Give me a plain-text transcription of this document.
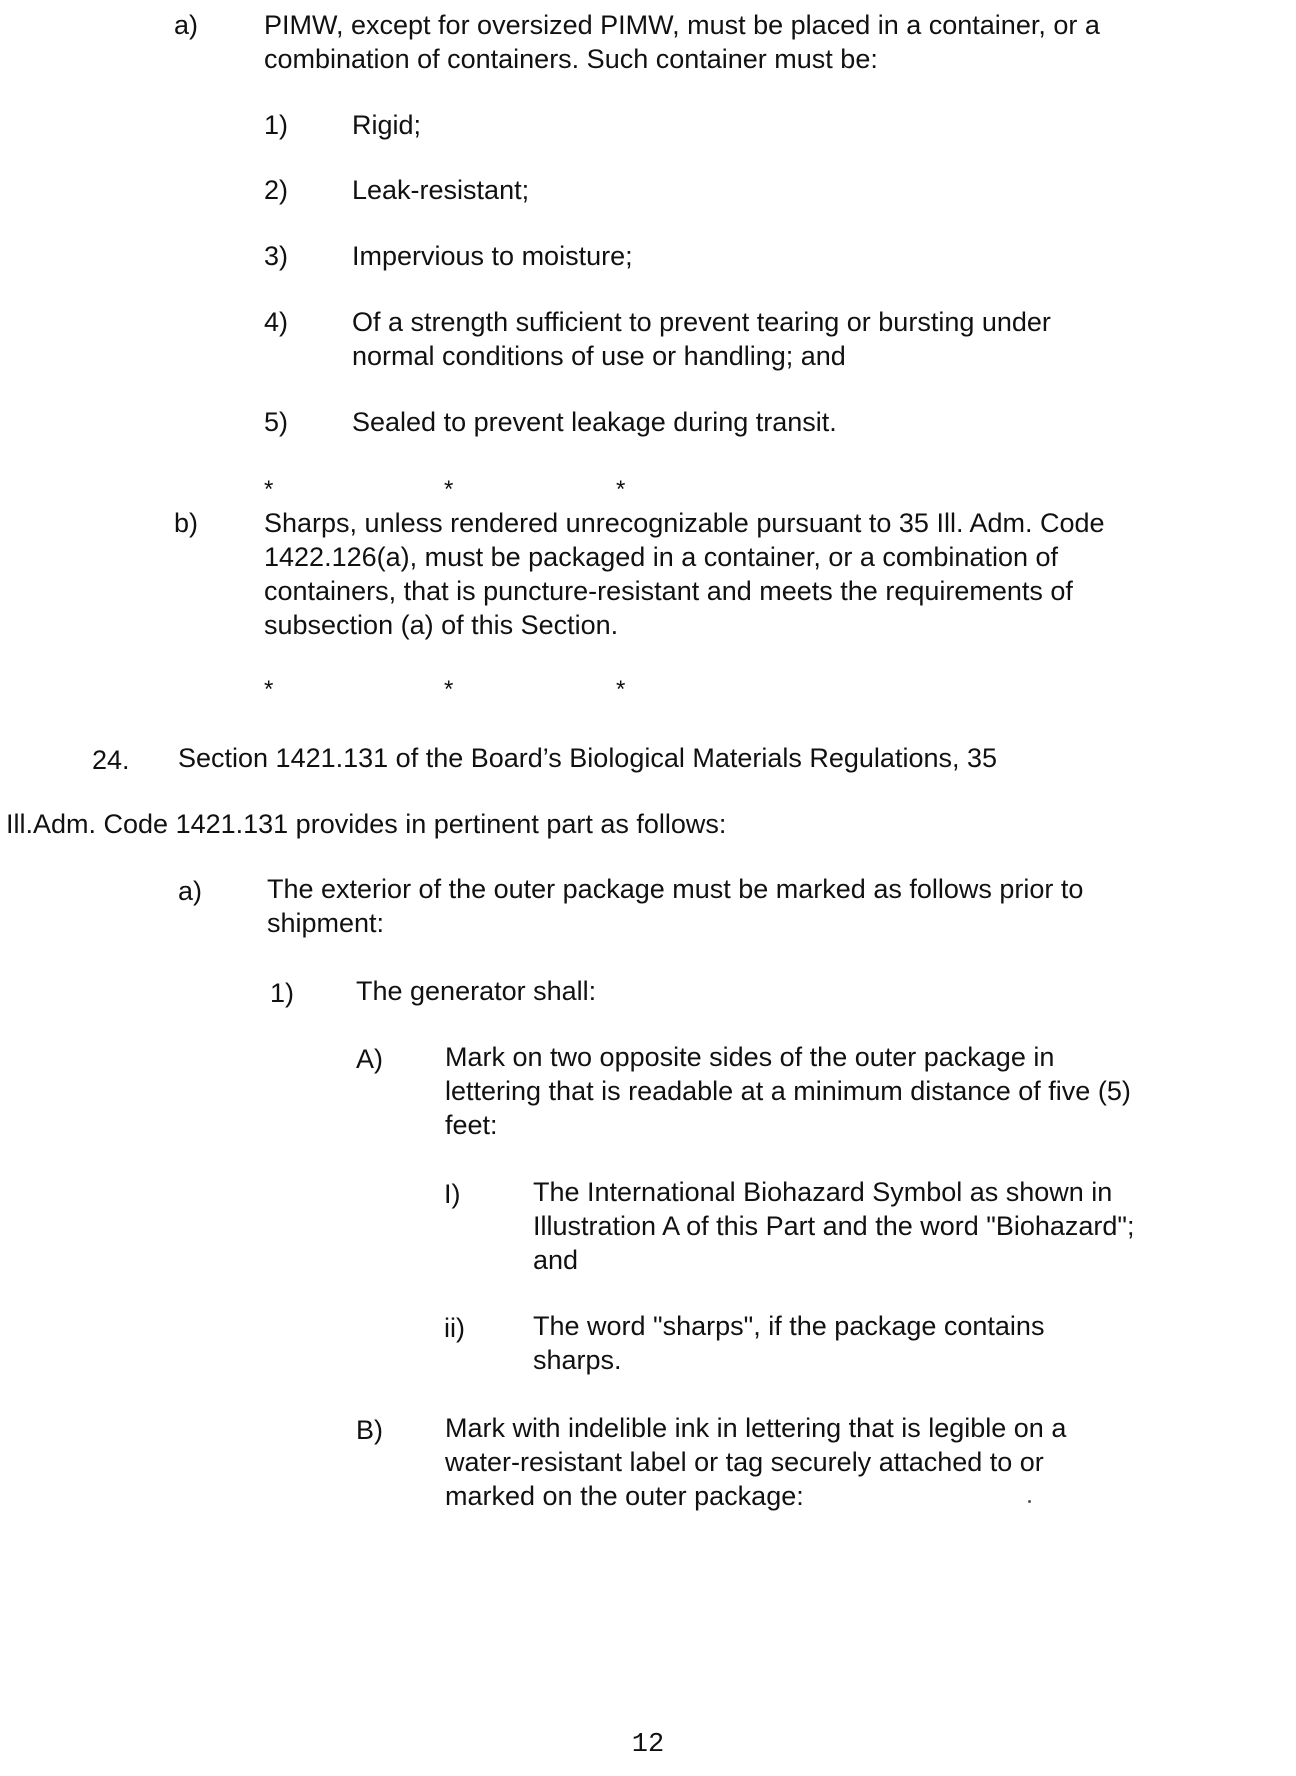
a) PIMW, except for oversized PIMW, must be placed in a container, or a combination of containers. Such container must be:
1) Rigid;
2) Leak-resistant;
3) Impervious to moisture;
4) Of a strength sufficient to prevent tearing or bursting under normal conditions of use or handling; and
5) Sealed to prevent leakage during transit.
*	*	*
b) Sharps, unless rendered unrecognizable pursuant to 35 Ill. Adm. Code 1422.126(a), must be packaged in a container, or a combination of containers, that is puncture-resistant and meets the requirements of subsection (a) of this Section.
*	*	*
24. Section 1421.131 of the Board’s Biological Materials Regulations, 35
Ill.Adm. Code 1421.131 provides in pertinent part as follows:
a) The exterior of the outer package must be marked as follows prior to shipment:
1) The generator shall:
A) Mark on two opposite sides of the outer package in lettering that is readable at a minimum distance of five (5) feet:
I)	The International Biohazard Symbol as shown in Illustration A of this Part and the word "Biohazard"; and
ii)	The word "sharps", if the package contains sharps.
B) Mark with indelible ink in lettering that is legible on a water-resistant label or tag securely attached to or marked on the outer package:
12
